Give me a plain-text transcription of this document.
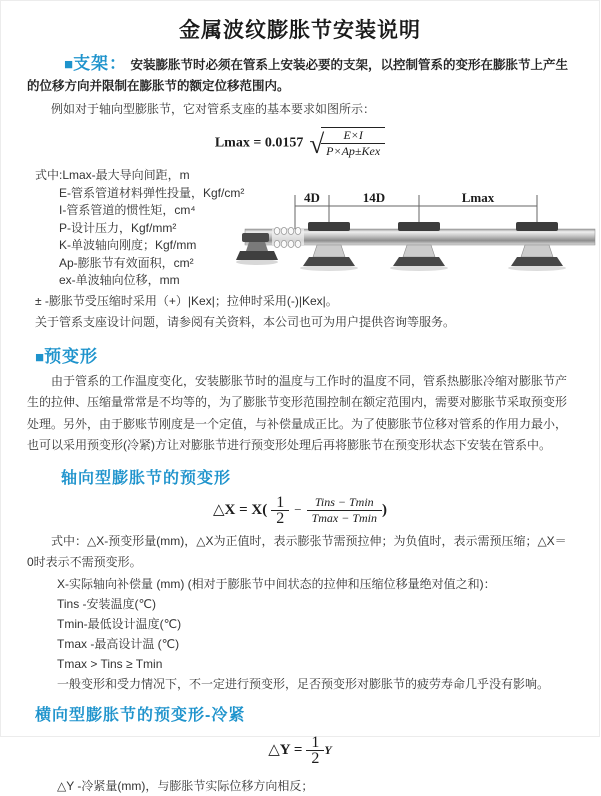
金属波纹膨胀节安装说明

■支架： 安装膨胀节时必须在管系上安装必要的支架，以控制管系的变形在膨胀节上产生的位移方向并限制在膨胀节的额定位移范围内。

例如对于轴向型膨胀节，它对管系支座的基本要求如图所示：

Lmax = 0.0157 √
$\frac{E\times I}{\text{P×Ap±Kex}}$
式中:Lmax-最大导向间距，m
E-管系管道材料弹性投量，Kgf/cm²
I-管系管道的惯性矩，cm⁴
P-设计压力，Kgf/mm²
K-单波轴向刚度；Kgf/mm
Ap-膨胀节有效面积，cm²
ex-单波轴向位移，mm
± -膨胀节受压缩时采用（+）|Kex|；拉伸时采用(-)|Kex|。
关于管系支座设计问题，请参阅有关资料，本公司也可为用户提供咨询等服务。
4D	14D	Lmax
■预变形

由于管系的工作温度变化，安装膨胀节时的温度与工作时的温度不同，管系热膨胀冷缩对膨胀节产生的拉伸、压缩量常常是不均等的，为了膨胀节变形范围控制在额定范围内，需要对膨胀节采取预变形处理。另外，由于膨账节刚度是一个定值，与补偿量成正比。为了使膨胀节位移对管系的作用力最小，也可以采用预变形(冷紧)方让对膨胀节进行预变形处理后再将膨胀节在预变形状态下安装在管系中。

轴向型膨胀节的预变形
△X = $X( \frac{1}{2} - \frac{\text{Tins − Tmin}}{Tmax - Tmin}$ )

式中：△X-预变形量(mm)，△X为正值时，表示膨张节需预拉伸；为负值时，表示需预压缩；△X＝0时表示不需预变形。

X-实际轴向补偿量 (mm) (相对于膨胀节中间状态的拉伸和压缩位移量绝对值之和)：
Tins -安装温度(℃)
Tmin-最低设计温度(℃)
Tmax -最高设计温 (℃)
Tmax > Tins ≥ Tmin
一般变形和受力情况下，不一定进行预变形，足否预变形对膨胀节的疲劳寿命几乎没有影响。
横向型膨胀节的预变形-冷紧
△Y = $\frac{1}{2}$ Y
△Y -冷紧量(mm)，与膨胀节实际位移方向相反；
